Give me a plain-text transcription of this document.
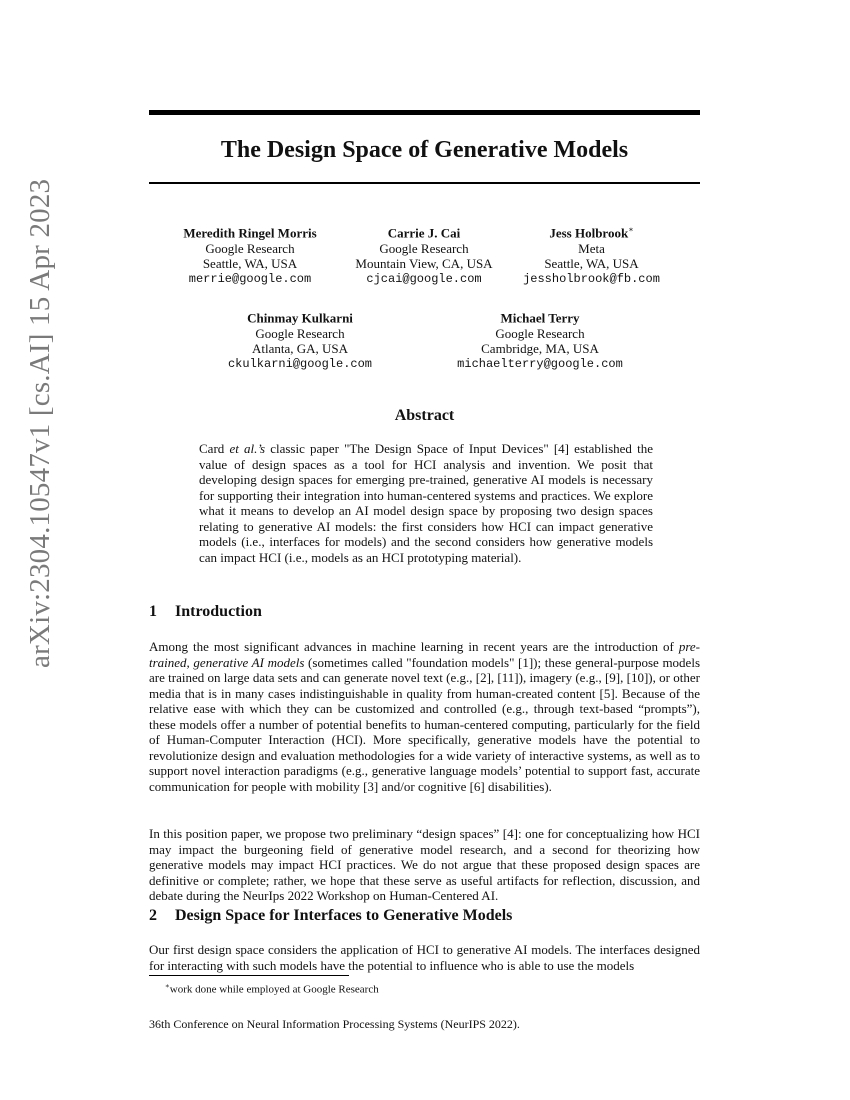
arXiv:2304.10547v1 [cs.AI] 15 Apr 2023
The Design Space of Generative Models
Meredith Ringel Morris
Google Research
Seattle, WA, USA
merrie@google.com
Carrie J. Cai
Google Research
Mountain View, CA, USA
cjcai@google.com
Jess Holbrook∗
Meta
Seattle, WA, USA
jessholbrook@fb.com
Chinmay Kulkarni
Google Research
Atlanta, GA, USA
ckulkarni@google.com
Michael Terry
Google Research
Cambridge, MA, USA
michaelterry@google.com
Abstract

Card et al.’s classic paper "The Design Space of Input Devices" [4] established the value of design spaces as a tool for HCI analysis and invention. We posit that developing design spaces for emerging pre-trained, generative AI models is necessary for supporting their integration into human-centered systems and practices. We explore what it means to develop an AI model design space by proposing two design spaces relating to generative AI models: the first considers how HCI can impact generative models (i.e., interfaces for models) and the second considers how generative models can impact HCI (i.e., models as an HCI prototyping material).

1 Introduction

Among the most significant advances in machine learning in recent years are the introduction of pre-trained, generative AI models (sometimes called "foundation models" [1]); these general-purpose models are trained on large data sets and can generate novel text (e.g., [2], [11]), imagery (e.g., [9], [10]), or other media that is in many cases indistinguishable in quality from human-created content [5]. Because of the relative ease with which they can be customized and controlled (e.g., through text-based “prompts”), these models offer a number of potential benefits to human-centered computing, particularly for the field of Human-Computer Interaction (HCI). More specifically, generative models have the potential to revolutionize design and evaluation methodologies for a wide variety of interactive systems, as well as to support novel interaction paradigms (e.g., generative language models’ potential to support fast, accurate communication for people with mobility [3] and/or cognitive [6] disabilities).

In this position paper, we propose two preliminary “design spaces” [4]: one for conceptualizing how HCI may impact the burgeoning field of generative model research, and a second for theorizing how generative models may impact HCI practices. We do not argue that these proposed design spaces are definitive or complete; rather, we hope that these serve as useful artifacts for reflection, discussion, and debate during the NeurIps 2022 Workshop on Human-Centered AI.

2 Design Space for Interfaces to Generative Models

Our first design space considers the application of HCI to generative AI models. The interfaces designed for interacting with such models have the potential to influence who is able to use the models

∗work done while employed at Google Research

36th Conference on Neural Information Processing Systems (NeurIPS 2022).
